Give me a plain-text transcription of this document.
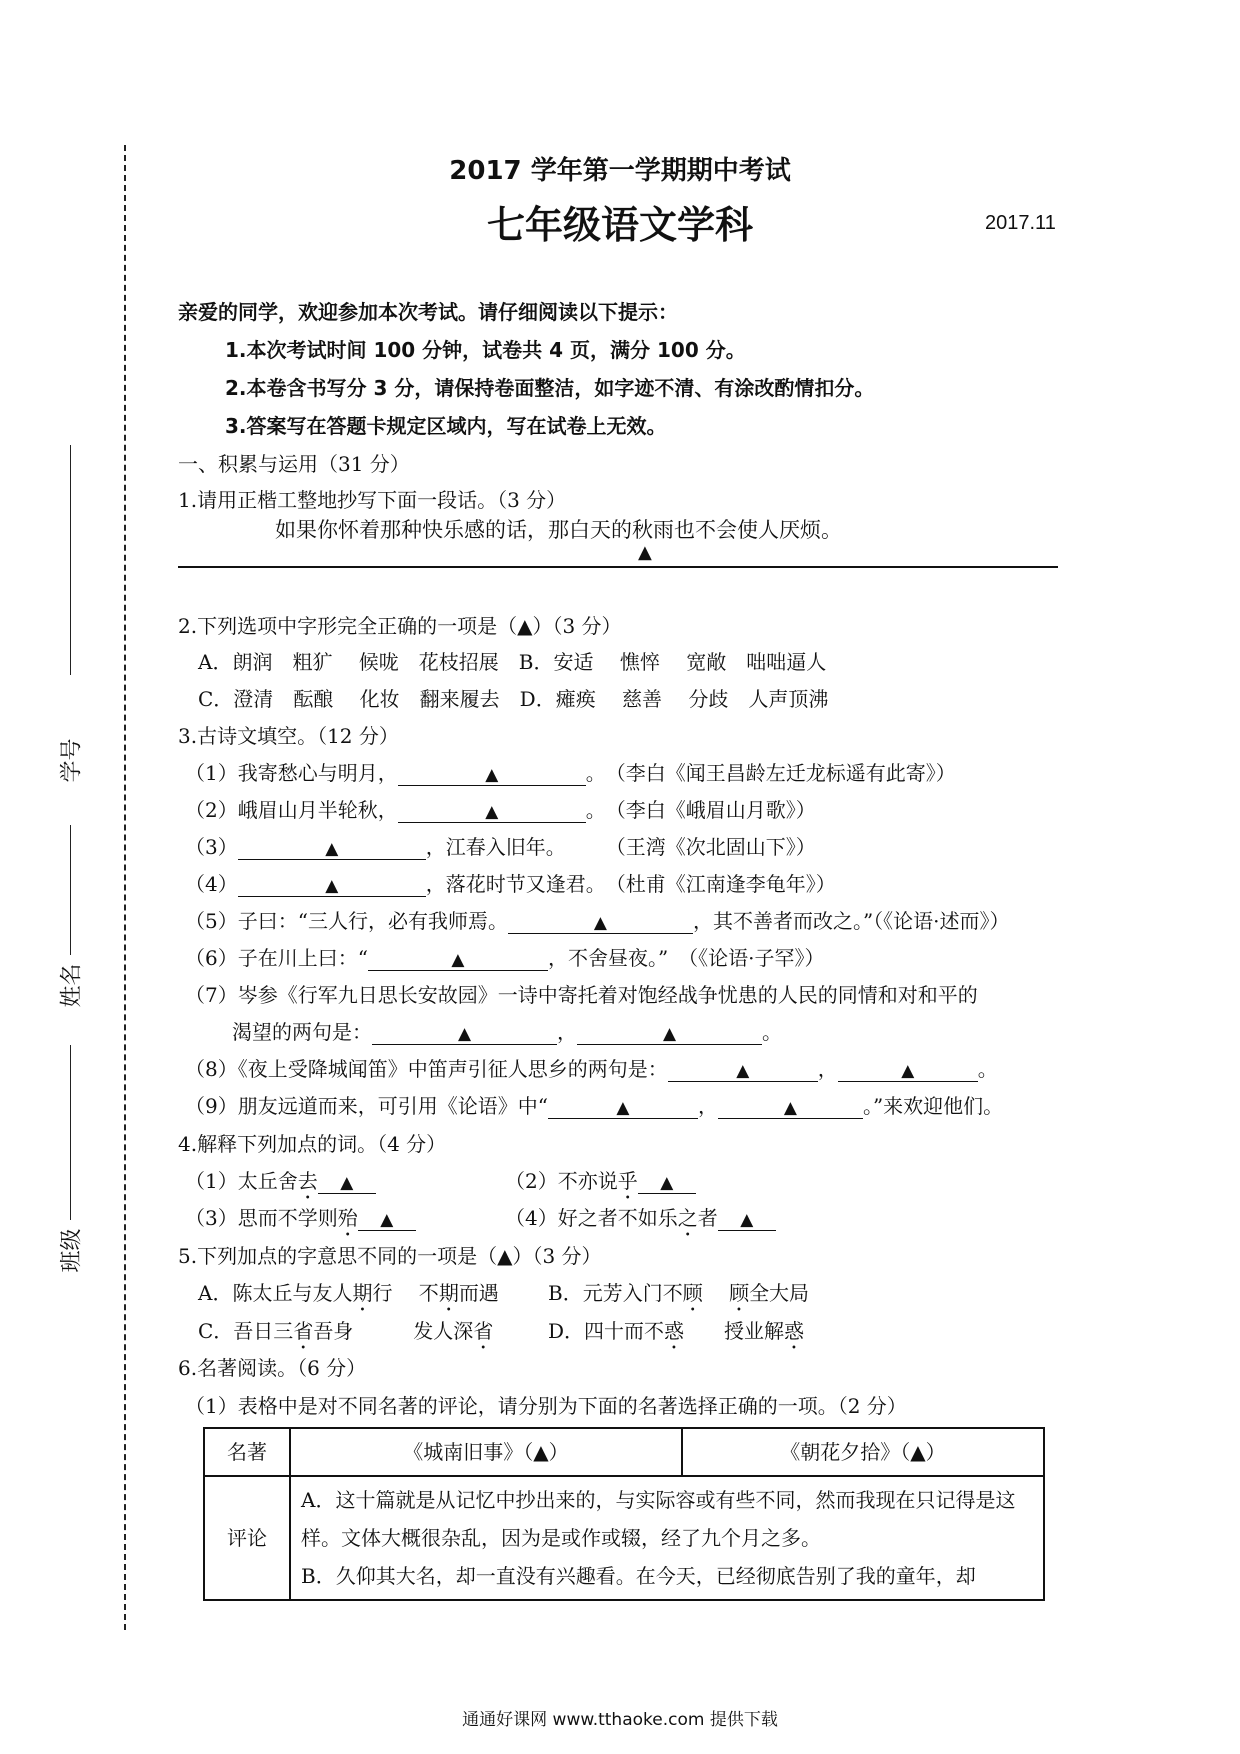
学号
姓名
班级
2017 学年第一学期期中考试
七年级语文学科	2017.11
亲爱的同学，欢迎参加本次考试。请仔细阅读以下提示：
1.本次考试时间 100 分钟，试卷共 4 页，满分 100 分。
2.本卷含书写分 3 分，请保持卷面整洁，如字迹不清、有涂改酌情扣分。
3.答案写在答题卡规定区域内，写在试卷上无效。
一、积累与运用（31 分）
1.请用正楷工整地抄写下面一段话。（3 分）
如果你怀着那种快乐感的话，那白天的秋雨也不会使人厌烦。
▲
2.下列选项中字形完全正确的一项是（▲）（3 分）
A．朗润　粗犷　 候咙　花枝招展　B．安适　 憔悴　 宽敞　咄咄逼人
C．澄清　酝酿　 化妆　翻来履去　D．瘫痪　 慈善　 分歧　人声顶沸
3.古诗文填空。（12 分）
（1）我寄愁心与明月，	▲	。　（李白《闻王昌龄左迁龙标遥有此寄》）
（2）峨眉山月半轮秋，	▲	。　（李白《峨眉山月歌》）
（3）	▲	，江春入旧年。　　　（王湾《次北固山下》）
（4）	▲	，落花时节又逢君。　（杜甫《江南逢李龟年》）
（5）子曰：“三人行，必有我师焉。	▲	，其不善者而改之。”（《论语·述而》）
（6）子在川上曰：“	▲	，不舍昼夜。”　（《论语·子罕》）
（7）岑参《行军九日思长安故园》一诗中寄托着对饱经战争忧患的人民的同情和对和平的
渴望的两句是：	▲	，	▲	。
（8）《夜上受降城闻笛》中笛声引征人思乡的两句是：	▲	，	▲	。
（9）朋友远道而来，可引用《论语》中“	▲	，	▲	。”来欢迎他们。
4.解释下列加点的词。（4 分）
（1）太丘舍去 ▲	（2）不亦说乎 ▲
（3）思而不学则殆 ▲	（4）好之者不如乐之者 ▲
5.下列加点的字意思不同的一项是（▲）（3 分）
A．陈太丘与友人期行　 不期而遇 B．元芳入门不顾　 顾全大局
C．吾日三省吾身　　　发人深省	D．四十而不惑　　 授业解惑
6.名著阅读。（6 分）
（1）表格中是对不同名著的评论，请分别为下面的名著选择正确的一项。（2 分）
名著	《城南旧事》（▲）	《朝花夕拾》（▲）
评论	A．这十篇就是从记忆中抄出来的，与实际容或有些不同，然而我现在只记得是这样。文体大概很杂乱，因为是或作或辍，经了九个月之多。
B．久仰其大名，却一直没有兴趣看。在今天，已经彻底告别了我的童年，却	
通通好课网 www.tthaoke.com 提供下载
